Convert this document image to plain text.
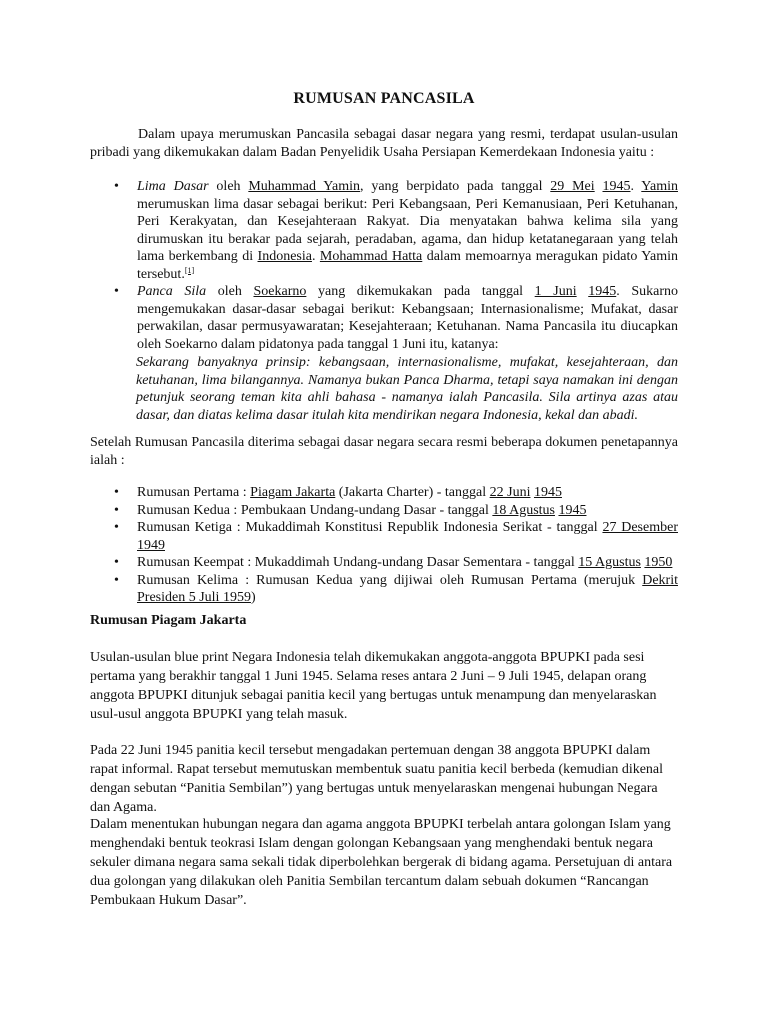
RUMUSAN PANCASILA
Dalam upaya merumuskan Pancasila sebagai dasar negara yang resmi, terdapat usulan-usulan pribadi yang dikemukakan dalam Badan Penyelidik Usaha Persiapan Kemerdekaan Indonesia yaitu :
• Lima Dasar oleh Muhammad Yamin, yang berpidato pada tanggal 29 Mei 1945. Yamin merumuskan lima dasar sebagai berikut: Peri Kebangsaan, Peri Kemanusiaan, Peri Ketuhanan, Peri Kerakyatan, dan Kesejahteraan Rakyat. Dia menyatakan bahwa kelima sila yang dirumuskan itu berakar pada sejarah, peradaban, agama, dan hidup ketatanegaraan yang telah lama berkembang di Indonesia. Mohammad Hatta dalam memoarnya meragukan pidato Yamin tersebut.[1]
• Panca Sila oleh Soekarno yang dikemukakan pada tanggal 1 Juni 1945. Sukarno mengemukakan dasar-dasar sebagai berikut: Kebangsaan; Internasionalisme; Mufakat, dasar perwakilan, dasar permusyawaratan; Kesejahteraan; Ketuhanan. Nama Pancasila itu diucapkan oleh Soekarno dalam pidatonya pada tanggal 1 Juni itu, katanya:
Sekarang banyaknya prinsip: kebangsaan, internasionalisme, mufakat, kesejahteraan, dan ketuhanan, lima bilangannya. Namanya bukan Panca Dharma, tetapi saya namakan ini dengan petunjuk seorang teman kita ahli bahasa - namanya ialah Pancasila. Sila artinya azas atau dasar, dan diatas kelima dasar itulah kita mendirikan negara Indonesia, kekal dan abadi.
Setelah Rumusan Pancasila diterima sebagai dasar negara secara resmi beberapa dokumen penetapannya ialah :
• Rumusan Pertama : Piagam Jakarta (Jakarta Charter) - tanggal 22 Juni 1945
• Rumusan Kedua : Pembukaan Undang-undang Dasar - tanggal 18 Agustus 1945
• Rumusan Ketiga : Mukaddimah Konstitusi Republik Indonesia Serikat - tanggal 27 Desember 1949
• Rumusan Keempat : Mukaddimah Undang-undang Dasar Sementara - tanggal 15 Agustus 1950
• Rumusan Kelima : Rumusan Kedua yang dijiwai oleh Rumusan Pertama (merujuk Dekrit Presiden 5 Juli 1959)
Rumusan Piagam Jakarta
Usulan-usulan blue print Negara Indonesia telah dikemukakan anggota-anggota BPUPKI pada sesi pertama yang berakhir tanggal 1 Juni 1945. Selama reses antara 2 Juni – 9 Juli 1945, delapan orang anggota BPUPKI ditunjuk sebagai panitia kecil yang bertugas untuk menampung dan menyelaraskan usul-usul anggota BPUPKI yang telah masuk.
Pada 22 Juni 1945 panitia kecil tersebut mengadakan pertemuan dengan 38 anggota BPUPKI dalam rapat informal. Rapat tersebut memutuskan membentuk suatu panitia kecil berbeda (kemudian dikenal dengan sebutan “Panitia Sembilan”) yang bertugas untuk menyelaraskan mengenai hubungan Negara dan Agama.
Dalam menentukan hubungan negara dan agama anggota BPUPKI terbelah antara golongan Islam yang menghendaki bentuk teokrasi Islam dengan golongan Kebangsaan yang menghendaki bentuk negara sekuler dimana negara sama sekali tidak diperbolehkan bergerak di bidang agama. Persetujuan di antara dua golongan yang dilakukan oleh Panitia Sembilan tercantum dalam sebuah dokumen “Rancangan Pembukaan Hukum Dasar”.
